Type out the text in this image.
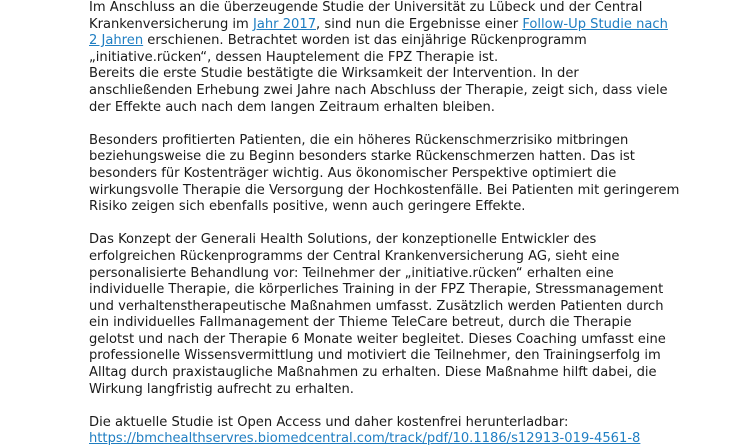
Im Anschluss an die überzeugende Studie der Universität zu Lübeck und der Central
Krankenversicherung im Jahr 2017, sind nun die Ergebnisse einer Follow-Up Studie nach
2 Jahren erschienen. Betrachtet worden ist das einjährige Rückenprogramm
„initiative.rücken“, dessen Hauptelement die FPZ Therapie ist.
Bereits die erste Studie bestätigte die Wirksamkeit der Intervention. In der
anschließenden Erhebung zwei Jahre nach Abschluss der Therapie, zeigt sich, dass viele
der Effekte auch nach dem langen Zeitraum erhalten bleiben.
Besonders profitierten Patienten, die ein höheres Rückenschmerzrisiko mitbringen
beziehungsweise die zu Beginn besonders starke Rückenschmerzen hatten. Das ist
besonders für Kostenträger wichtig. Aus ökonomischer Perspektive optimiert die
wirkungsvolle Therapie die Versorgung der Hochkostenfälle. Bei Patienten mit geringerem
Risiko zeigen sich ebenfalls positive, wenn auch geringere Effekte.
Das Konzept der Generali Health Solutions, der konzeptionelle Entwickler des
erfolgreichen Rückenprogramms der Central Krankenversicherung AG, sieht eine
personalisierte Behandlung vor: Teilnehmer der „initiative.rücken“ erhalten eine
individuelle Therapie, die körperliches Training in der FPZ Therapie, Stressmanagement
und verhaltenstherapeutische Maßnahmen umfasst. Zusätzlich werden Patienten durch
ein individuelles Fallmanagement der Thieme TeleCare betreut, durch die Therapie
gelotst und nach der Therapie 6 Monate weiter begleitet. Dieses Coaching umfasst eine
professionelle Wissensvermittlung und motiviert die Teilnehmer, den Trainingserfolg im
Alltag durch praxistaugliche Maßnahmen zu erhalten. Diese Maßnahme hilft dabei, die
Wirkung langfristig aufrecht zu erhalten.
Die aktuelle Studie ist Open Access und daher kostenfrei herunterladbar:
https://bmchealthservres.biomedcentral.com/track/pdf/10.1186/s12913-019-4561-8
